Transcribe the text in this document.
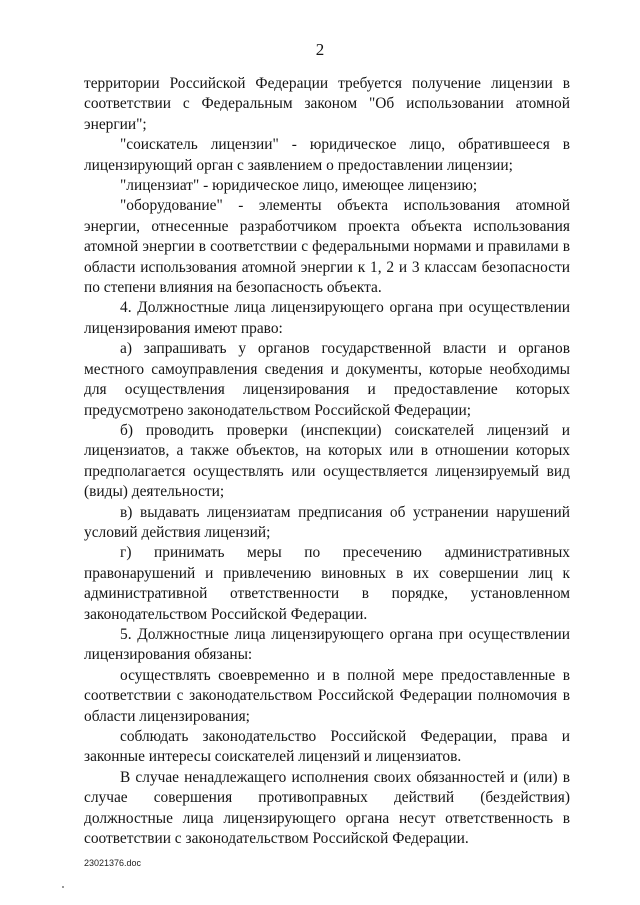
2

территории Российской Федерации требуется получение лицензии в соответствии с Федеральным законом "Об использовании атомной энергии";

"соискатель лицензии" - юридическое лицо, обратившееся в лицензирующий орган с заявлением о предоставлении лицензии;

"лицензиат" - юридическое лицо, имеющее лицензию;

"оборудование" - элементы объекта использования атомной энергии, отнесенные разработчиком проекта объекта использования атомной энергии в соответствии с федеральными нормами и правилами в области использования атомной энергии к 1, 2 и 3 классам безопасности по степени влияния на безопасность объекта.

4. Должностные лица лицензирующего органа при осуществлении лицензирования имеют право:

а) запрашивать у органов государственной власти и органов местного самоуправления сведения и документы, которые необходимы для осуществления лицензирования и предоставление которых предусмотрено законодательством Российской Федерации;

б) проводить проверки (инспекции) соискателей лицензий и лицензиатов, а также объектов, на которых или в отношении которых предполагается осуществлять или осуществляется лицензируемый вид (виды) деятельности;

в) выдавать лицензиатам предписания об устранении нарушений условий действия лицензий;

г) принимать меры по пресечению административных правонарушений и привлечению виновных в их совершении лиц к административной ответственности в порядке, установленном законодательством Российской Федерации.

5. Должностные лица лицензирующего органа при осуществлении лицензирования обязаны:

осуществлять своевременно и в полной мере предоставленные в соответствии с законодательством Российской Федерации полномочия в области лицензирования;

соблюдать законодательство Российской Федерации, права и законные интересы соискателей лицензий и лицензиатов.

В случае ненадлежащего исполнения своих обязанностей и (или) в случае совершения противоправных действий (бездействия) должностные лица лицензирующего органа несут ответственность в соответствии с законодательством Российской Федерации.

23021376.doc
